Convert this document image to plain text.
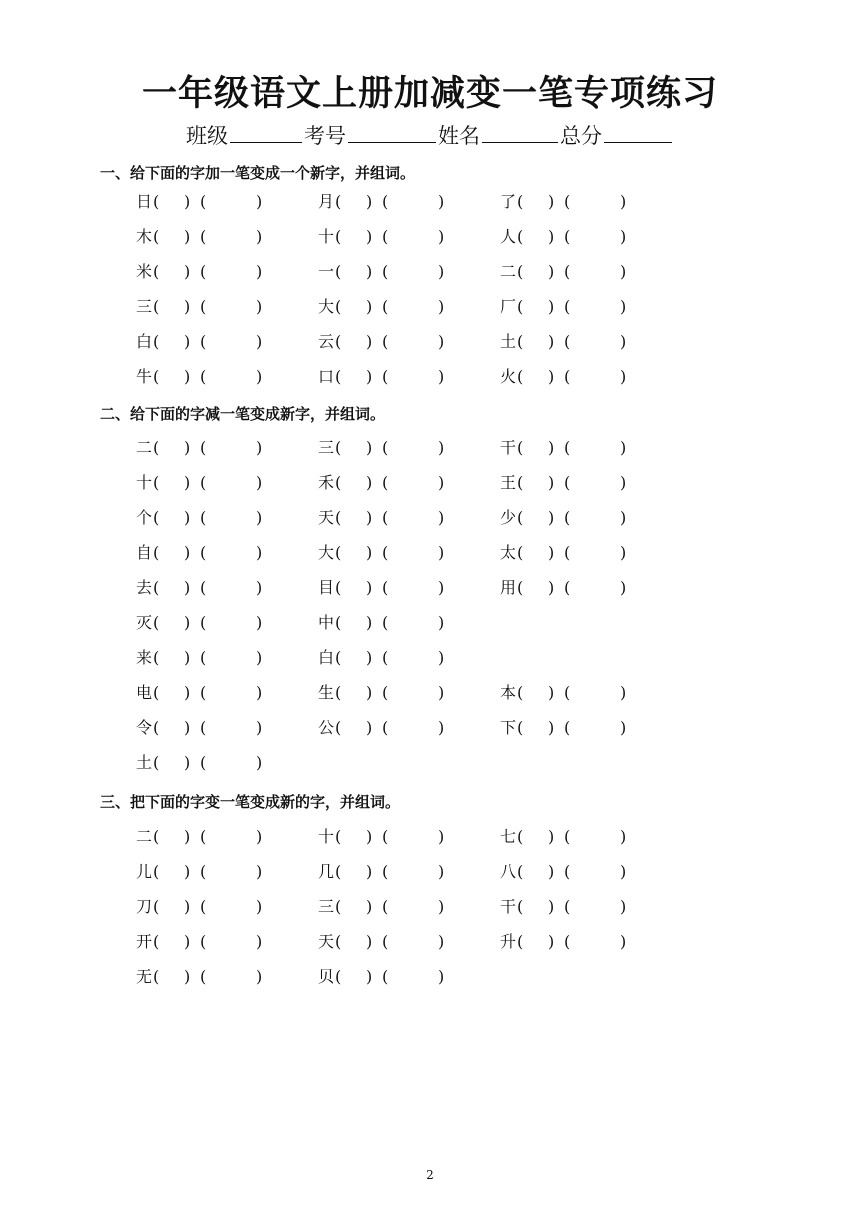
一年级语文上册加减变一笔专项练习
班级	考号	姓名	总分
一、给下面的字加一笔变成一个新字，并组词。
日 ( ) (	)	月 ( ) (	)	了 ( ) (	)
木 ( ) (	)	十 ( ) (	)	人 ( ) (	)
米 ( ) (	)	一 ( ) (	)	二 ( ) (	)
三 ( ) (	)	大 ( ) (	)	厂 ( ) (	)
白 ( ) (	)	云 ( ) (	)	土 ( ) (	)
牛 ( ) (	)	口 ( ) (	)	火 ( ) (	)
二、给下面的字减一笔变成新字，并组词。
二 ( ) (	)	三 ( ) (	)	干 ( ) (	)
十 ( ) (	)	禾 ( ) (	)	王 ( ) (	)
个 ( ) (	)	天 ( ) (	)	少 ( ) (	)
自 ( ) (	)	大 ( ) (	)	太 ( ) (	)
去 ( ) (	)	目 ( ) (	)	用 ( ) (	)
灭 ( ) (	)	中 ( ) (	)
来 ( ) (	)	白 ( ) (	)
电 ( ) (	)	生 ( ) (	)	本 ( ) (	)
令 ( ) (	)	公 ( ) (	)	下 ( ) (	)
土 ( ) (	)
三、把下面的字变一笔变成新的字，并组词。
二 ( ) (	)	十 ( ) (	)	七 ( ) (	)
儿 ( ) (	)	几 ( ) (	)	八 ( ) (	)
刀 ( ) (	)	三 ( ) (	)	干 ( ) (	)
开 ( ) (	)	天 ( ) (	)	升 ( ) (	)
无 ( ) (	)	贝 ( ) (	)
2
